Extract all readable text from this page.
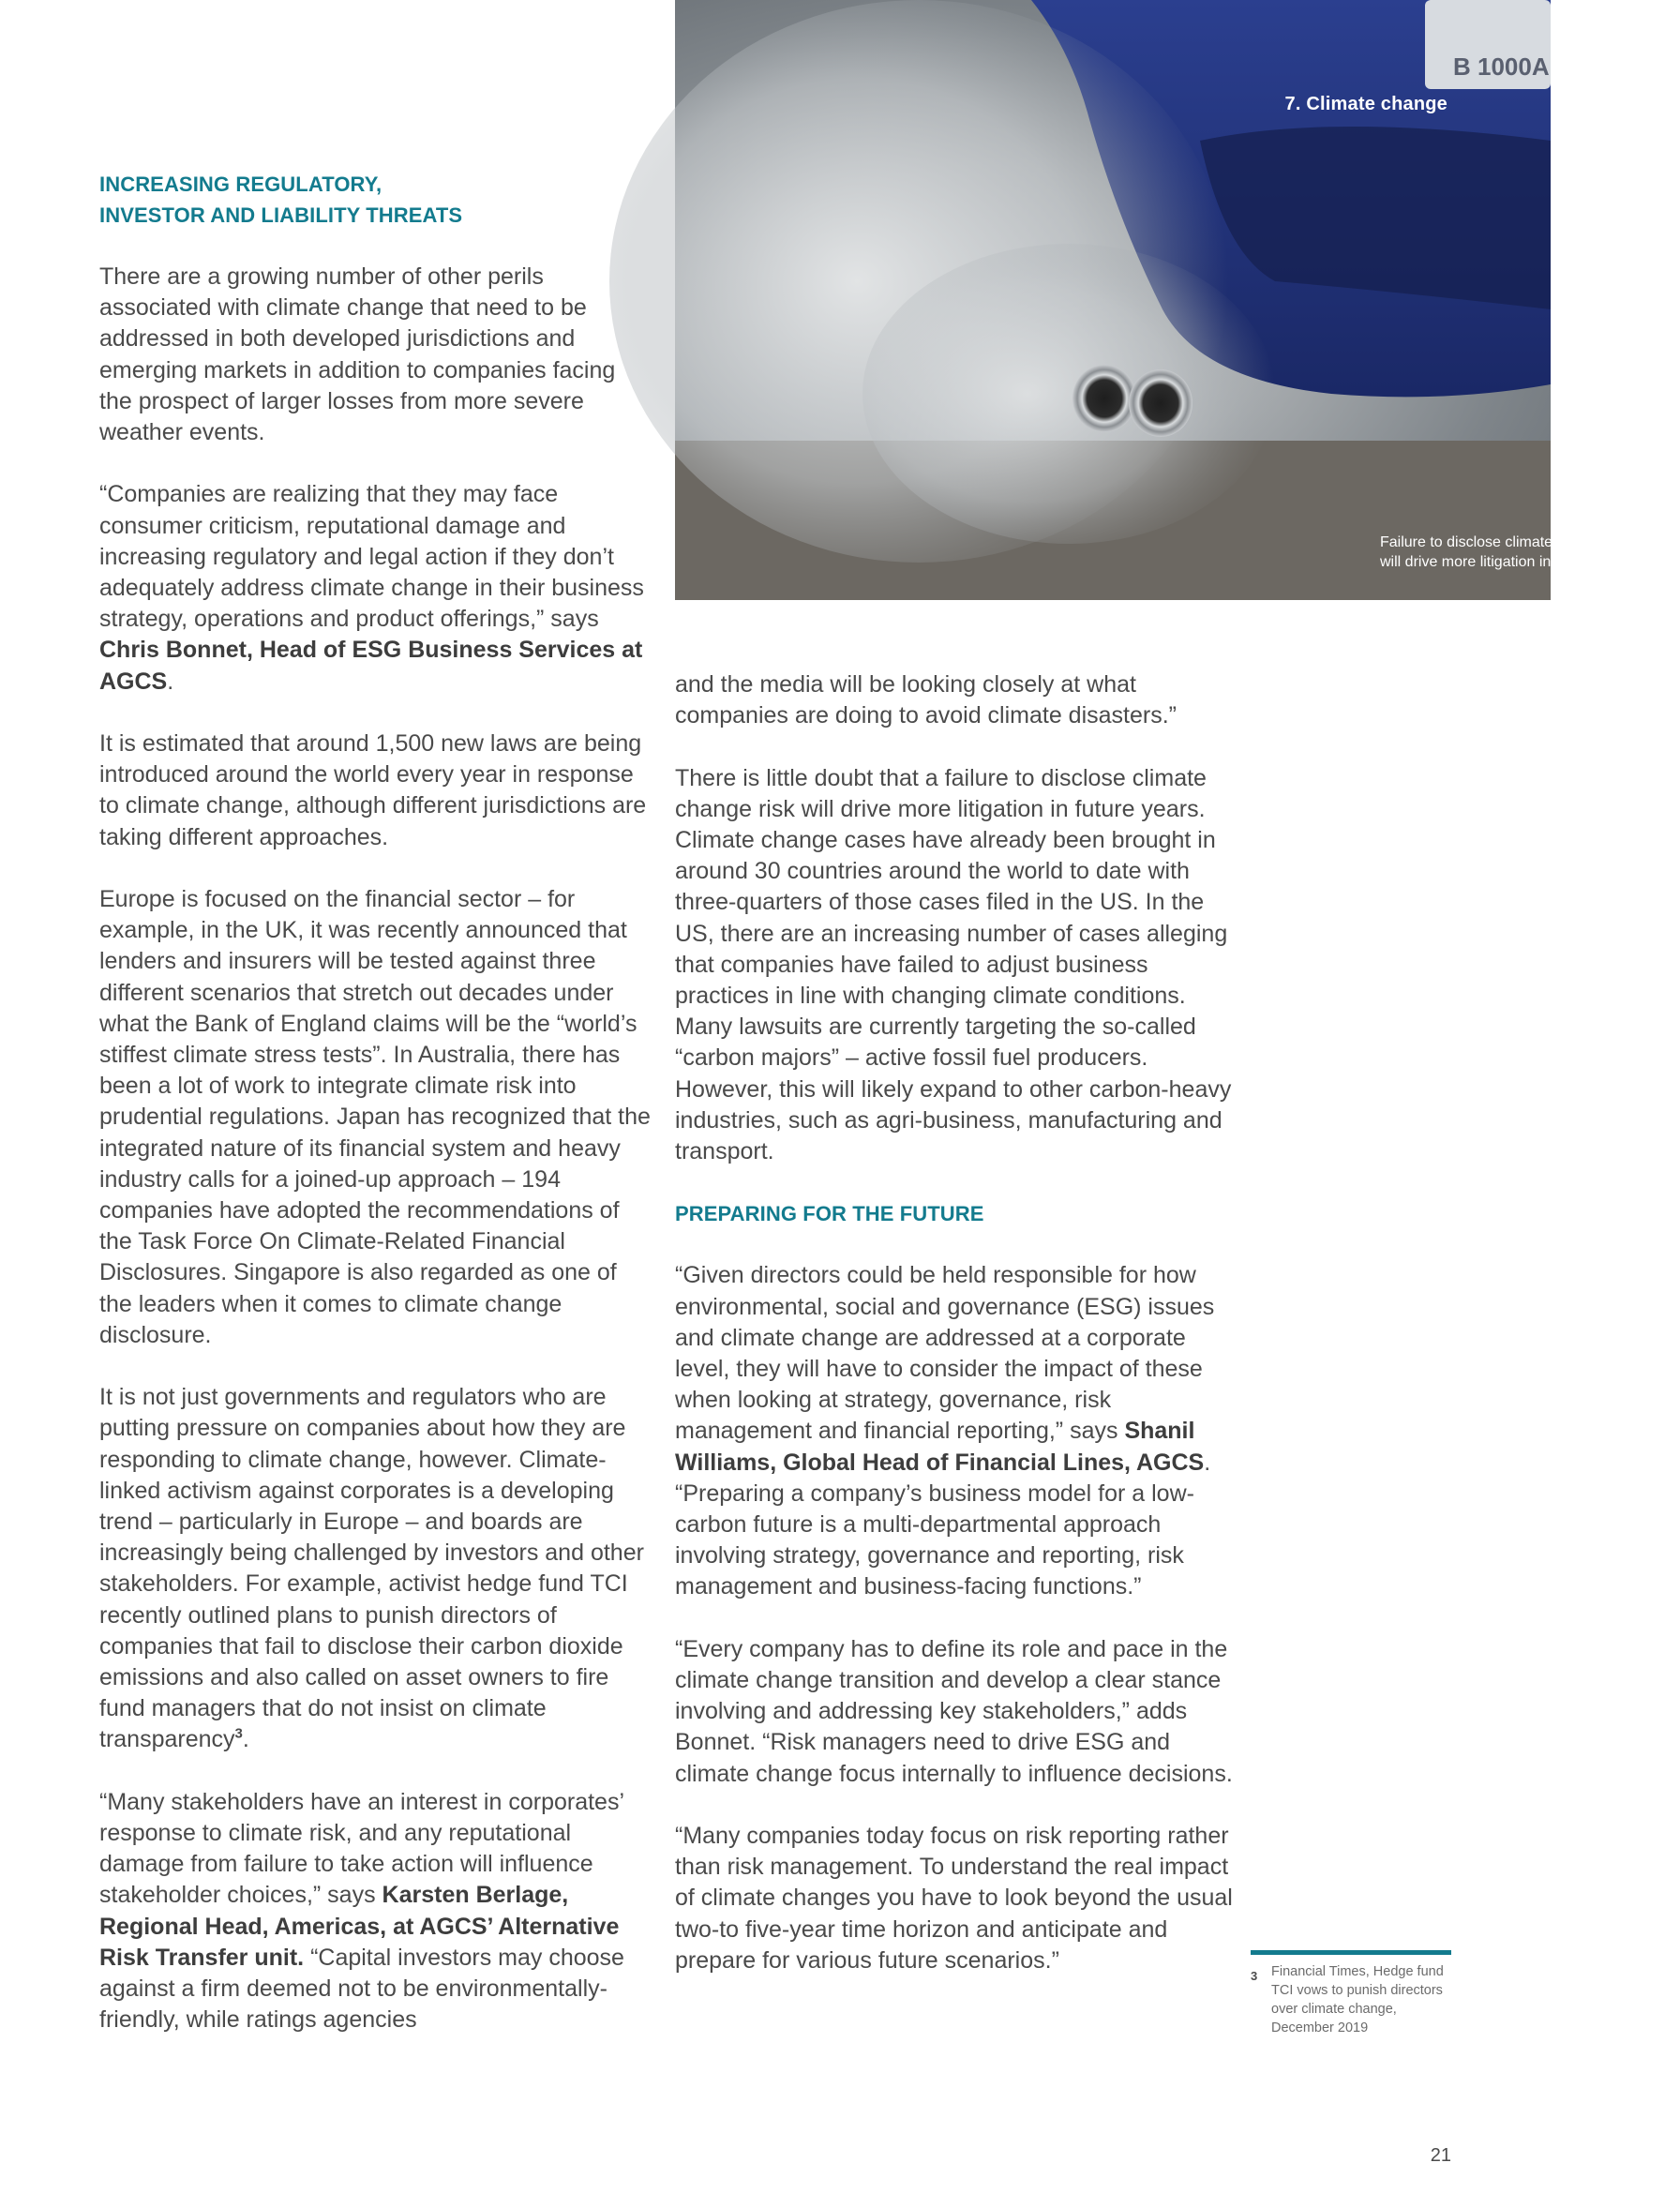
B 1000A
Failure to disclose climate change risk
will drive more litigation in future
7. Climate change
INCREASING REGULATORY,
INVESTOR AND LIABILITY THREATS

There are a growing number of other perils associated with climate change that need to be addressed in both developed jurisdictions and emerging markets in addition to companies facing the prospect of larger losses from more severe weather events.

“Companies are realizing that they may face consumer criticism, reputational damage and increasing regulatory and legal action if they don’t adequately address climate change in their business strategy, operations and product offerings,” says Chris Bonnet, Head of ESG Business Services at AGCS.

It is estimated that around 1,500 new laws are being introduced around the world every year in response to climate change, although different jurisdictions are taking different approaches.

Europe is focused on the financial sector – for example, in the UK, it was recently announced that lenders and insurers will be tested against three different scenarios that stretch out decades under what the Bank of England claims will be the “world’s stiffest climate stress tests”. In Australia, there has been a lot of work to integrate climate risk into prudential regulations. Japan has recognized that the integrated nature of its financial system and heavy industry calls for a joined-up approach – 194 companies have adopted the recommendations of the Task Force On Climate-Related Financial Disclosures. Singapore is also regarded as one of the leaders when it comes to climate change disclosure.

It is not just governments and regulators who are putting pressure on companies about how they are responding to climate change, however. Climate-linked activism against corporates is a developing trend – particularly in Europe – and boards are increasingly being challenged by investors and other stakeholders. For example, activist hedge fund TCI recently outlined plans to punish directors of companies that fail to disclose their carbon dioxide emissions and also called on asset owners to fire fund managers that do not insist on climate transparency$^3$.

“Many stakeholders have an interest in corporates’ response to climate risk, and any reputational damage from failure to take action will influence stakeholder choices,” says Karsten Berlage, Regional Head, Americas, at AGCS’ Alternative Risk Transfer unit. “Capital investors may choose against a firm deemed not to be environmentally-friendly, while ratings agencies

and the media will be looking closely at what companies are doing to avoid climate disasters.”

There is little doubt that a failure to disclose climate change risk will drive more litigation in future years. Climate change cases have already been brought in around 30 countries around the world to date with three-quarters of those cases filed in the US. In the US, there are an increasing number of cases alleging that companies have failed to adjust business practices in line with changing climate conditions. Many lawsuits are currently targeting the so-called “carbon majors” – active fossil fuel producers. However, this will likely expand to other carbon-heavy industries, such as agri-business, manufacturing and transport.

PREPARING FOR THE FUTURE

“Given directors could be held responsible for how environmental, social and governance (ESG) issues and climate change are addressed at a corporate level, they will have to consider the impact of these when looking at strategy, governance, risk management and financial reporting,” says Shanil Williams, Global Head of Financial Lines, AGCS. “Preparing a company’s business model for a low-carbon future is a multi-departmental approach involving strategy, governance and reporting, risk management and business-facing functions.”

“Every company has to define its role and pace in the climate change transition and develop a clear stance involving and addressing key stakeholders,” adds Bonnet. “Risk managers need to drive ESG and climate change focus internally to influence decisions.

“Many companies today focus on risk reporting rather than risk management. To understand the real impact of climate changes you have to look beyond the usual two-to five-year time horizon and anticipate and prepare for various future scenarios.”

3 Financial Times, Hedge fund TCI vows to punish directors over climate change, December 2019
21
